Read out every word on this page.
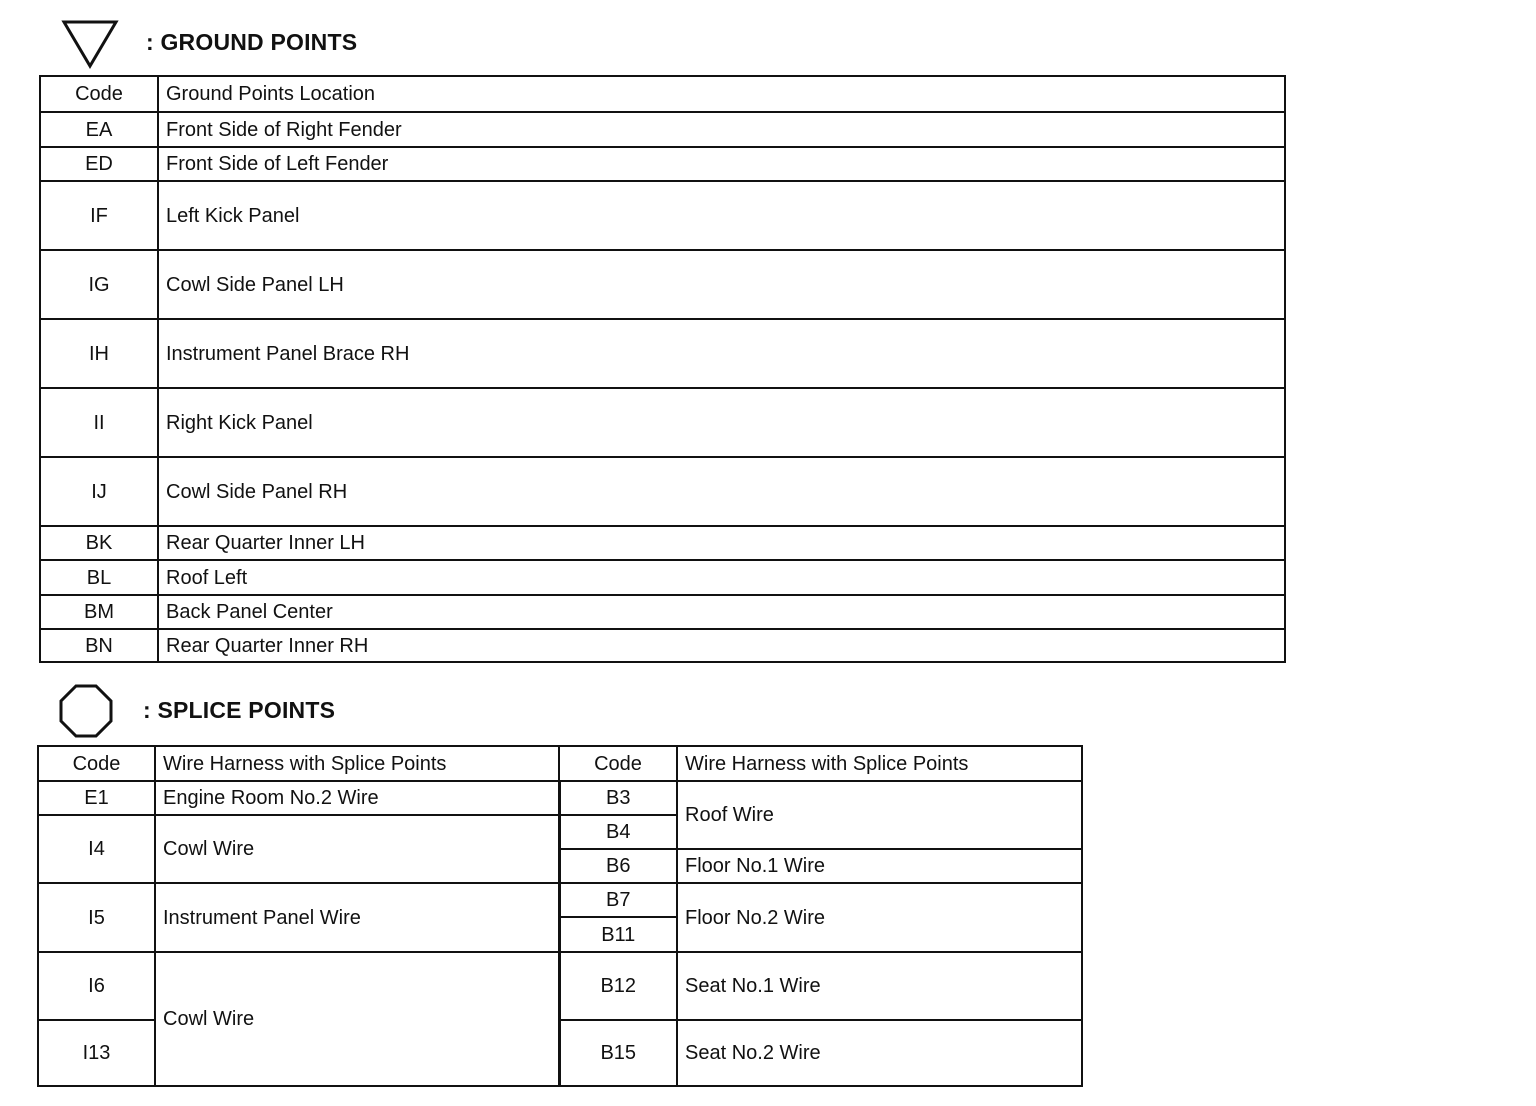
: GROUND POINTS
Code	Ground Points Location
EA	Front Side of Right Fender
ED	Front Side of Left Fender
IF	Left Kick Panel
IG	Cowl Side Panel LH
IH	Instrument Panel Brace RH
II	Right Kick Panel
IJ	Cowl Side Panel RH
BK	Rear Quarter Inner LH
BL	Roof Left
BM	Back Panel Center
BN	Rear Quarter Inner RH
: SPLICE POINTS
Code	Wire Harness with Splice Points	Code	Wire Harness with Splice Points
E1	Engine Room No.2 Wire	B3	Roof Wire
I4	Cowl Wire	B4	
		B6	Floor No.1 Wire
I5	Instrument Panel Wire	B7	Floor No.2 Wire
		B11	
I6	Cowl Wire	B12	Seat No.1 Wire
I13		B15	Seat No.2 Wire
